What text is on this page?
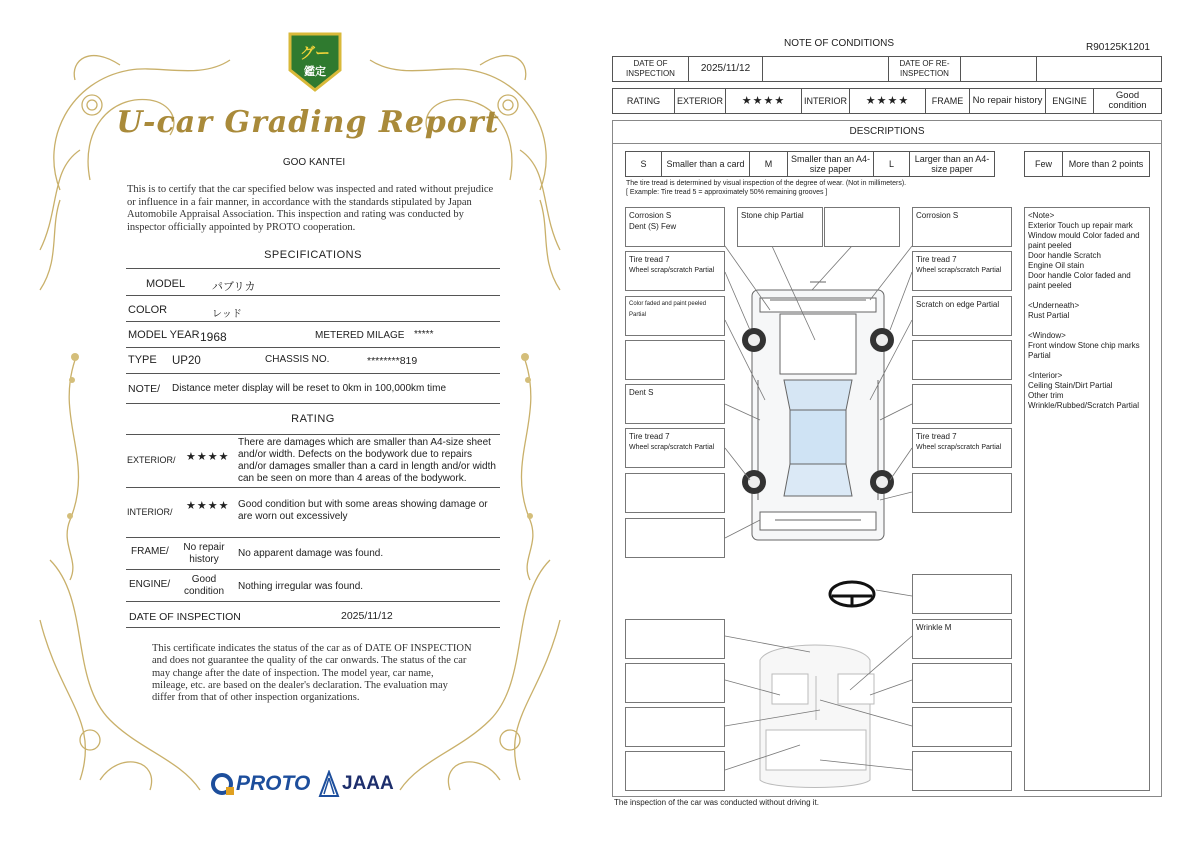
グー
鑑定
U-car Grading Report
GOO KANTEI
This is to certify that the car specified below was inspected and rated without prejudice or influence in a fair manner, in accordance with the standards stipulated by Japan Automobile Appraisal Association. This inspection and rating was conducted by inspector officially appointed by PROTO cooperation.
SPECIFICATIONS
MODEL パブリカ
COLOR	レッド
MODEL YEAR 1968	METERED MILAGE *****
TYPE UP20	CHASSIS NO.	********819
NOTE/ Distance meter display will be reset to 0km in 100,000km time
RATING
EXTERIOR/ ★★★★
There are damages which are smaller than A4-size sheet and/or width. Defects on the bodywork due to repairs and/or damages smaller than a card in length and/or width can be seen on more than 4 areas of the bodywork.
INTERIOR/ ★★★★ Good condition but with some areas showing damage or are worn out excessively
FRAME/	No repair history
No apparent damage was found.
ENGINE/	Good condition	Nothing irregular was found.
DATE OF INSPECTION	2025/11/12
This certificate indicates the status of the car as of DATE OF INSPECTION and does not guarantee the quality of the car onwards. The status of the car may change after the date of inspection. The model year, car name, mileage, etc. are based on the dealer's declaration. The evaluation may differ from that of other inspection organizations.
PROTO JAAA
NOTE OF CONDITIONS	R90125K1201
DATE OF INSPECTION	2025/11/12		DATE OF RE-INSPECTION		
RATING	EXTERIOR	★★★★	INTERIOR	★★★★	FRAME	No repair history	ENGINE	Good condition
DESCRIPTIONS
S	Smaller than a card	M	Smaller than an A4-size paper	L	Larger than an A4-size paper	Few	More than 2 points
The tire tread is determined by visual inspection of the degree of wear. (Not in millimeters).
[ Example: Tire tread 5 = approximately 50% remaining grooves ]
Corrosion S
Dent (S) Few
Tire tread 7
Wheel scrap/scratch Partial
Color faded and paint peeled Partial
Dent S
Tire tread 7
Wheel scrap/scratch Partial
Stone chip Partial	Corrosion S
Tire tread 7
Wheel scrap/scratch Partial
Scratch on edge Partial
Tire tread 7
Wheel scrap/scratch Partial
Wrinkle M
<Note>
Exterior Touch up repair mark
Window mould Color faded and paint peeled
Door handle Scratch
Engine Oil stain
Door handle Color faded and paint peeled

<Underneath>
Rust Partial

<Window>
Front window Stone chip marks Partial

<Interior>
Ceiling Stain/Dirt Partial
Other trim
Wrinkle/Rubbed/Scratch Partial
The inspection of the car was conducted without driving it.
